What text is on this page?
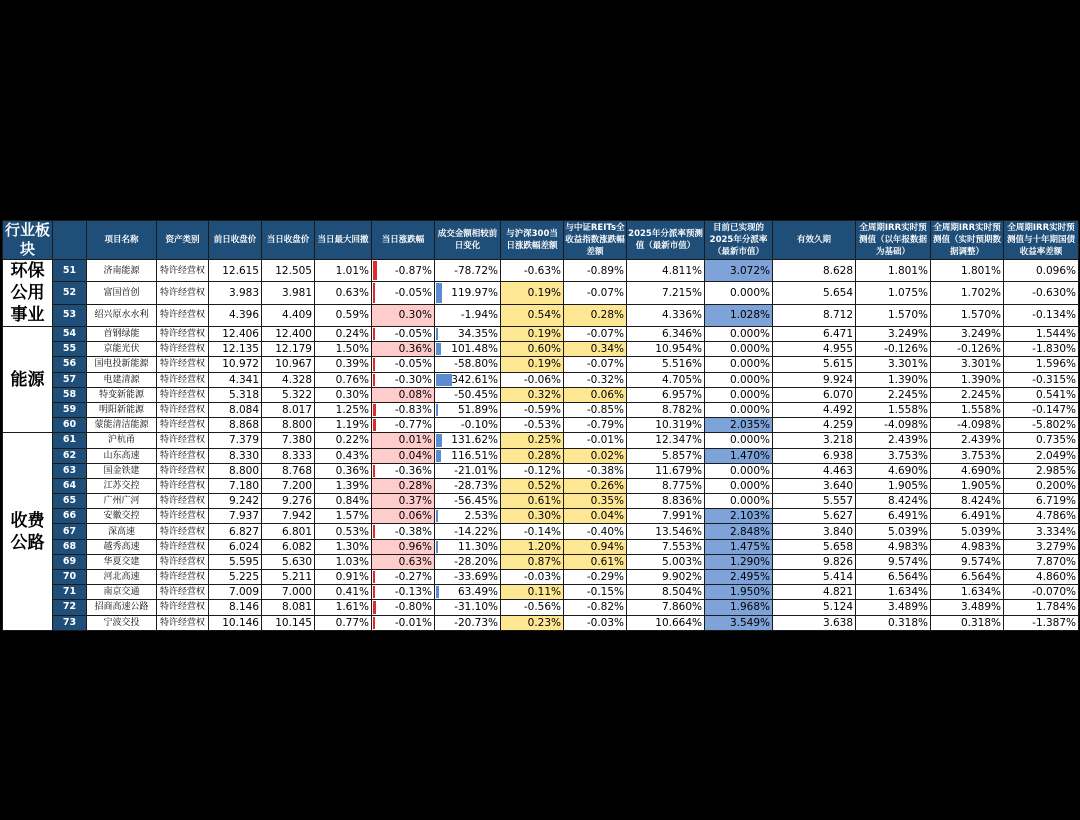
行业板块		项目名称	资产类别	前日收盘价	当日收盘价	当日最大回撤	当日涨跌幅	成交金额相较前日变化	与沪深300当日涨跌幅差额	与中证REITs全收益指数涨跌幅差额	2025年分派率预测值（最新市值）	目前已实现的2025年分派率（最新市值）	有效久期	全周期IRR实时预测值（以年报数据为基础）	全周期IRR实时预测值（实时预期数据调整）	全周期IRR实时预测值与十年期国债收益率差额
环保公用事业	51	济南能源	特许经营权	12.615	12.505	1.01%	-0.87%	-78.72%	-0.63%	-0.89%	4.811%	3.072%	8.628	1.801%	1.801%	0.096%
	52	富国首创	特许经营权	3.983	3.981	0.63%	-0.05%	119.97%	0.19%	-0.07%	7.215%	0.000%	5.654	1.075%	1.702%	-0.630%
	53	绍兴原水水利	特许经营权	4.396	4.409	0.59%	0.30%	-1.94%	0.54%	0.28%	4.336%	1.028%	8.712	1.570%	1.570%	-0.134%
能源	54	首钢绿能	特许经营权	12.406	12.400	0.24%	-0.05%	34.35%	0.19%	-0.07%	6.346%	0.000%	6.471	3.249%	3.249%	1.544%
	55	京能光伏	特许经营权	12.135	12.179	1.50%	0.36%	101.48%	0.60%	0.34%	10.954%	0.000%	4.955	-0.126%	-0.126%	-1.830%
	56	国电投新能源	特许经营权	10.972	10.967	0.39%	-0.05%	-58.80%	0.19%	-0.07%	5.516%	0.000%	5.615	3.301%	3.301%	1.596%
	57	电建清源	特许经营权	4.341	4.328	0.76%	-0.30%	342.61%	-0.06%	-0.32%	4.705%	0.000%	9.924	1.390%	1.390%	-0.315%
	58	特变新能源	特许经营权	5.318	5.322	0.30%	0.08%	-50.45%	0.32%	0.06%	6.957%	0.000%	6.070	2.245%	2.245%	0.541%
	59	明阳新能源	特许经营权	8.084	8.017	1.25%	-0.83%	51.89%	-0.59%	-0.85%	8.782%	0.000%	4.492	1.558%	1.558%	-0.147%
	60	蒙能清洁能源	特许经营权	8.868	8.800	1.19%	-0.77%	-0.10%	-0.53%	-0.79%	10.319%	2.035%	4.259	-4.098%	-4.098%	-5.802%
收费公路	61	沪杭甬	特许经营权	7.379	7.380	0.22%	0.01%	131.62%	0.25%	-0.01%	12.347%	0.000%	3.218	2.439%	2.439%	0.735%
	62	山东高速	特许经营权	8.330	8.333	0.43%	0.04%	116.51%	0.28%	0.02%	5.857%	1.470%	6.938	3.753%	3.753%	2.049%
	63	国金铁建	特许经营权	8.800	8.768	0.36%	-0.36%	-21.01%	-0.12%	-0.38%	11.679%	0.000%	4.463	4.690%	4.690%	2.985%
	64	江苏交控	特许经营权	7.180	7.200	1.39%	0.28%	-28.73%	0.52%	0.26%	8.775%	0.000%	3.640	1.905%	1.905%	0.200%
	65	广州广河	特许经营权	9.242	9.276	0.84%	0.37%	-56.45%	0.61%	0.35%	8.836%	0.000%	5.557	8.424%	8.424%	6.719%
	66	安徽交控	特许经营权	7.937	7.942	1.57%	0.06%	2.53%	0.30%	0.04%	7.991%	2.103%	5.627	6.491%	6.491%	4.786%
	67	深高速	特许经营权	6.827	6.801	0.53%	-0.38%	-14.22%	-0.14%	-0.40%	13.546%	2.848%	3.840	5.039%	5.039%	3.334%
	68	越秀高速	特许经营权	6.024	6.082	1.30%	0.96%	11.30%	1.20%	0.94%	7.553%	1.475%	5.658	4.983%	4.983%	3.279%
	69	华夏交建	特许经营权	5.595	5.630	1.03%	0.63%	-28.20%	0.87%	0.61%	5.003%	1.290%	9.826	9.574%	9.574%	7.870%
	70	河北高速	特许经营权	5.225	5.211	0.91%	-0.27%	-33.69%	-0.03%	-0.29%	9.902%	2.495%	5.414	6.564%	6.564%	4.860%
	71	南京交通	特许经营权	7.009	7.000	0.41%	-0.13%	63.49%	0.11%	-0.15%	8.504%	1.950%	4.821	1.634%	1.634%	-0.070%
	72	招商高速公路	特许经营权	8.146	8.081	1.61%	-0.80%	-31.10%	-0.56%	-0.82%	7.860%	1.968%	5.124	3.489%	3.489%	1.784%
	73	宁波交投	特许经营权	10.146	10.145	0.77%	-0.01%	-20.73%	0.23%	-0.03%	10.664%	3.549%	3.638	0.318%	0.318%	-1.387%
